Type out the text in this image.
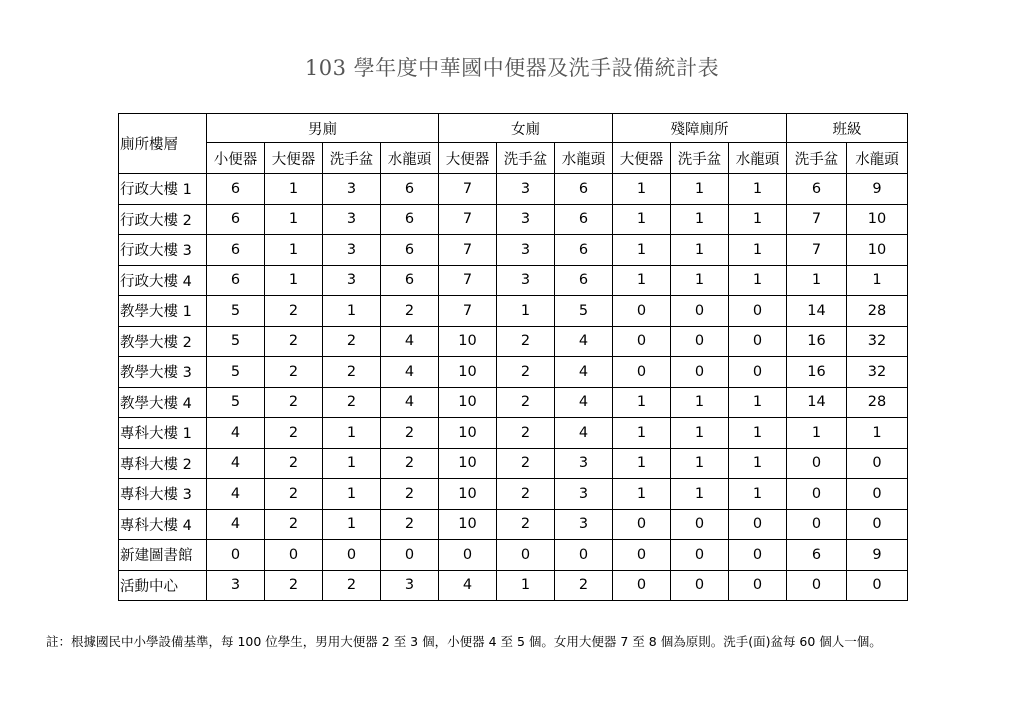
103 學年度中華國中便器及洗手設備統計表
廁所樓層	男廁				女廁			殘障廁所			班級	
	小便器	大便器	洗手盆	水龍頭	大便器	洗手盆	水龍頭	大便器	洗手盆	水龍頭	洗手盆	水龍頭
行政大樓 1	6	1	3	6	7	3	6	1	1	1	6	9
行政大樓 2	6	1	3	6	7	3	6	1	1	1	7	10
行政大樓 3	6	1	3	6	7	3	6	1	1	1	7	10
行政大樓 4	6	1	3	6	7	3	6	1	1	1	1	1
教學大樓 1	5	2	1	2	7	1	5	0	0	0	14	28
教學大樓 2	5	2	2	4	10	2	4	0	0	0	16	32
教學大樓 3	5	2	2	4	10	2	4	0	0	0	16	32
教學大樓 4	5	2	2	4	10	2	4	1	1	1	14	28
專科大樓 1	4	2	1	2	10	2	4	1	1	1	1	1
專科大樓 2	4	2	1	2	10	2	3	1	1	1	0	0
專科大樓 3	4	2	1	2	10	2	3	1	1	1	0	0
專科大樓 4	4	2	1	2	10	2	3	0	0	0	0	0
新建圖書館	0	0	0	0	0	0	0	0	0	0	6	9
活動中心	3	2	2	3	4	1	2	0	0	0	0	0
註：根據國民中小學設備基準，每 100 位學生，男用大便器 2 至 3 個，小便器 4 至 5 個。女用大便器 7 至 8 個為原則。洗手(面)盆每 60 個人一個。
